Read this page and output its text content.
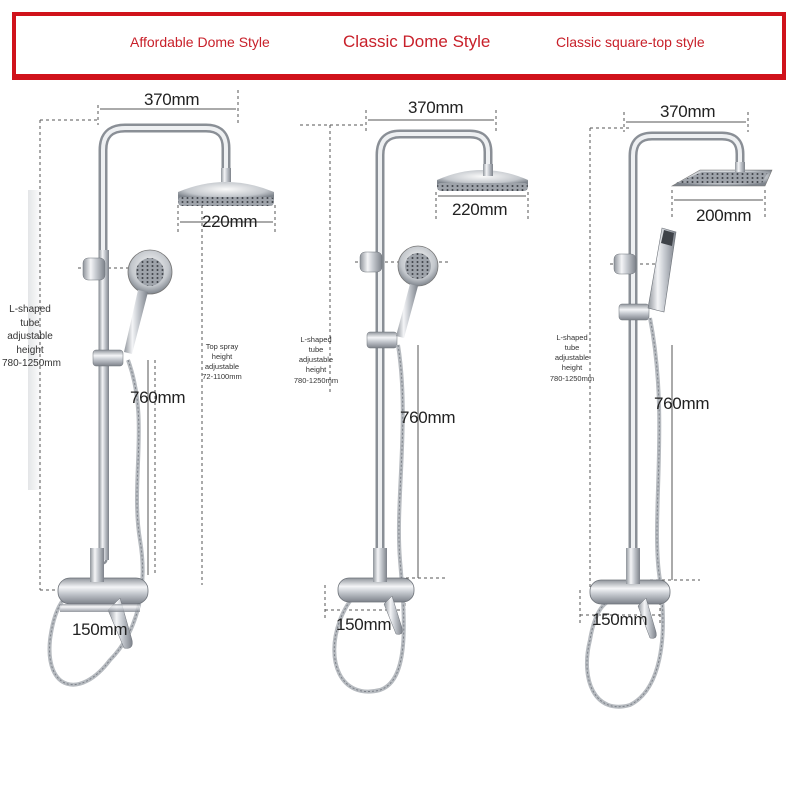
Affordable Dome Style	Classic Dome Style	Classic square-top style
370mm
220mm
760mm
150mm
L-shaped
tube
adjustable
height
780-1250mm
Top spray
height
adjustable
72-1100mm
370mm
220mm
760mm
150mm
L-shaped
tube
adjustable
height
780-1250mm
370mm
200mm
760mm
150mm
L-shaped
tube
adjustable
height
780-1250mm
